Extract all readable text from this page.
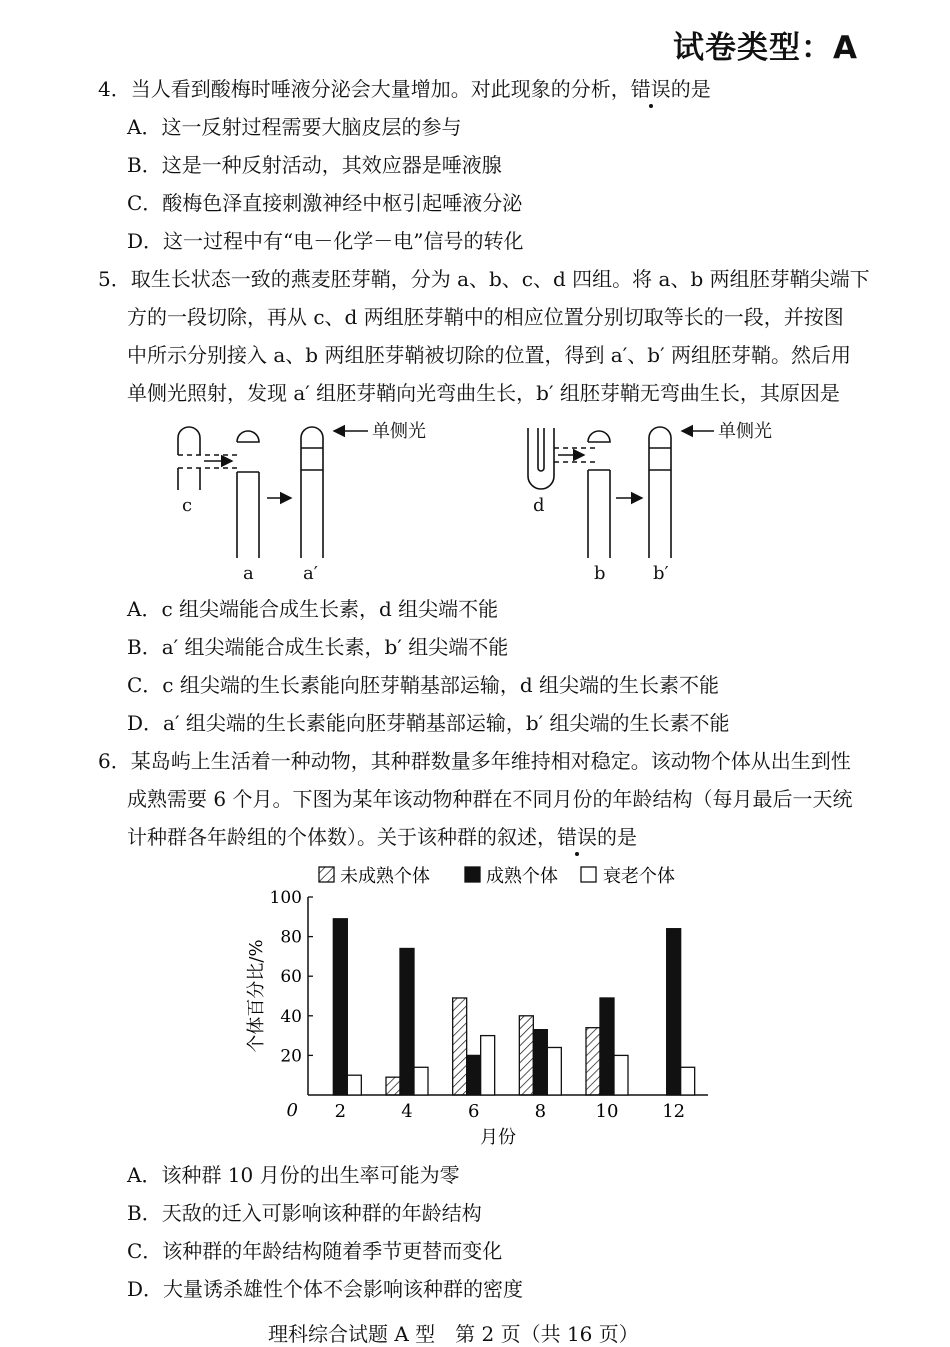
试卷类型：A
4．当人看到酸梅时唾液分泌会大量增加。对此现象的分析，错误的是
A．这一反射过程需要大脑皮层的参与
B．这是一种反射活动，其效应器是唾液腺
C．酸梅色泽直接刺激神经中枢引起唾液分泌
D．这一过程中有“电－化学－电”信号的转化
5．取生长状态一致的燕麦胚芽鞘，分为 a、b、c、d 四组。将 a、b 两组胚芽鞘尖端下
方的一段切除，再从 c、d 两组胚芽鞘中的相应位置分别切取等长的一段，并按图
中所示分别接入 a、b 两组胚芽鞘被切除的位置，得到 a′、b′ 两组胚芽鞘。然后用
单侧光照射，发现 a′ 组胚芽鞘向光弯曲生长，b′ 组胚芽鞘无弯曲生长，其原因是
单侧光	单侧光
c
a	a′
d
b	b′
A．c 组尖端能合成生长素，d 组尖端不能
B．a′ 组尖端能合成生长素，b′ 组尖端不能
C．c 组尖端的生长素能向胚芽鞘基部运输，d 组尖端的生长素不能
D．a′ 组尖端的生长素能向胚芽鞘基部运输，b′ 组尖端的生长素不能
6．某岛屿上生活着一种动物，其种群数量多年维持相对稳定。该动物个体从出生到性
成熟需要 6 个月。下图为某年该动物种群在不同月份的年龄结构（每月最后一天统
计种群各年龄组的个体数）。关于该种群的叙述，错误的是
未成熟个体	成熟个体	衰老个体
0
20
40
60
80
100
2	4	6	8	10 12
月份
个体百分比/%
A．该种群 10 月份的出生率可能为零
B．天敌的迁入可影响该种群的年龄结构
C．该种群的年龄结构随着季节更替而变化
D．大量诱杀雄性个体不会影响该种群的密度
理科综合试题 A 型　第 2 页（共 16 页）
